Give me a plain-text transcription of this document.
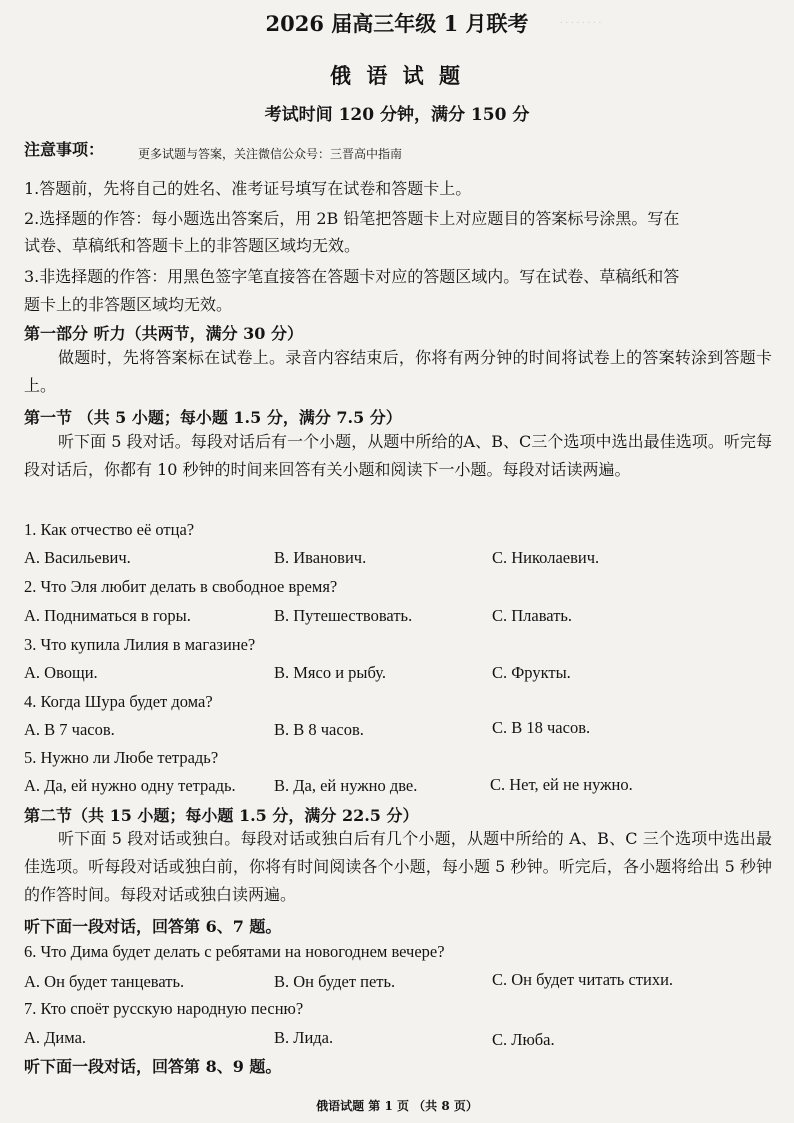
. . . . . . . .
2026 届高三年级 1 月联考
俄 语 试 题
考试时间 120 分钟，满分 150 分
注意事项：	更多试题与答案，关注微信公众号：三晋高中指南
1.答题前，先将自己的姓名、准考证号填写在试卷和答题卡上。
2.选择题的作答：每小题选出答案后，用 2B 铅笔把答题卡上对应题目的答案标号涂黑。写在
试卷、草稿纸和答题卡上的非答题区域均无效。
3.非选择题的作答：用黑色签字笔直接答在答题卡对应的答题区域内。写在试卷、草稿纸和答
题卡上的非答题区域均无效。
第一部分 听力（共两节，满分 30 分）
做题时，先将答案标在试卷上。录音内容结束后，你将有两分钟的时间将试卷上的答案转涂到答题卡上。
第一节 （共 5 小题；每小题 1.5 分，满分 7.5 分）
听下面 5 段对话。每段对话后有一个小题，从题中所给的A、B、C三个选项中选出最佳选项。听完每段对话后，你都有 10 秒钟的时间来回答有关小题和阅读下一小题。每段对话读两遍。
1. Как отчество её отца?
A. Васильевич.	B. Иванович.	C. Николаевич.
2. Что Эля любит делать в свободное время?
A. Подниматься в горы.	B. Путешествовать.	C. Плавать.
3. Что купила Лилия в магазине?
A. Овощи.	B. Мясо и рыбу.	C. Фрукты.
4. Когда Шура будет дома?
A. В 7 часов.	B. В 8 часов.	C. В 18 часов.
5. Нужно ли Любе тетрадь?
A. Да, ей нужно одну тетрадь. B. Да, ей нужно две.	C. Нет, ей не нужно.
第二节（共 15 小题；每小题 1.5 分，满分 22.5 分）
听下面 5 段对话或独白。每段对话或独白后有几个小题，从题中所给的 A、B、C 三个选项中选出最佳选项。听每段对话或独白前，你将有时间阅读各个小题，每小题 5 秒钟。听完后，各小题将给出 5 秒钟的作答时间。每段对话或独白读两遍。
听下面一段对话，回答第 6、7 题。
6. Что Дима будет делать с ребятами на новогоднем вечере?
A. Он будет танцевать.	B. Он будет петь.	C. Он будет читать стихи.
7. Кто споёт русскую народную песню?
A. Дима.	B. Лида.	C. Люба.
听下面一段对话，回答第 8、9 题。
俄语试题 第 1 页 （共 8 页）
